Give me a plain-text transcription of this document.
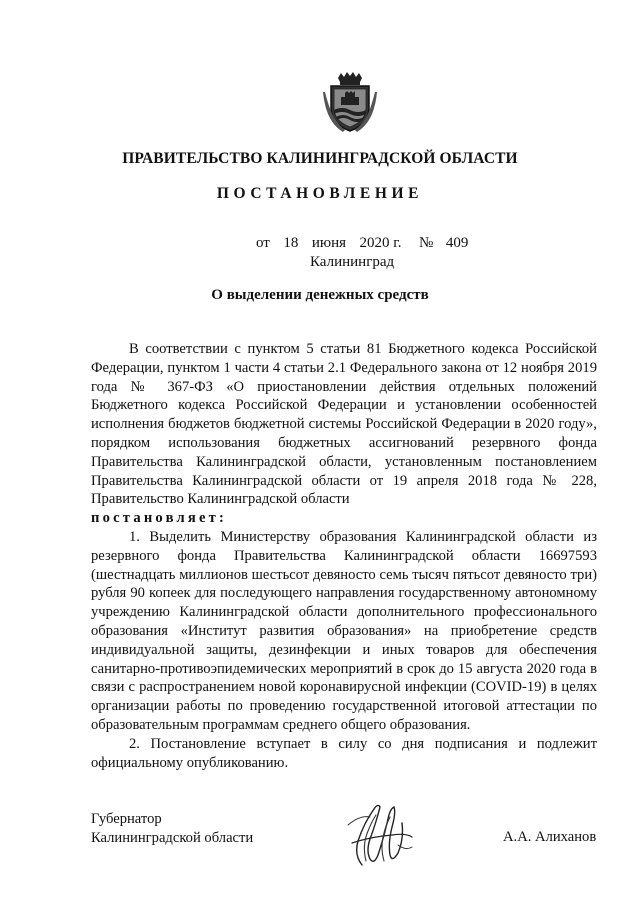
ПРАВИТЕЛЬСТВО КАЛИНИНГРАДСКОЙ ОБЛАСТИ
ПОСТАНОВЛЕНИЕ
от 18 июня 2020 г. № 409
Калининград
О выделении денежных средств

В соответствии с пунктом 5 статьи 81 Бюджетного кодекса Российской Федерации, пунктом 1 части 4 статьи 2.1 Федерального закона от 12 ноября 2019 года № 367-ФЗ «О приостановлении действия отдельных положений Бюджетного кодекса Российской Федерации и установлении особенностей исполнения бюджетов бюджетной системы Российской Федерации в 2020 году», порядком использования бюджетных ассигнований резервного фонда Правительства Калининградской области, установленным постановлением Правительства Калининградской области от 19 апреля 2018 года № 228, Правительство Калининградской области

постановляет:

1. Выделить Министерству образования Калининградской области из резервного фонда Правительства Калининградской области 16697593 (шестнадцать миллионов шестьсот девяносто семь тысяч пятьсот девяносто три) рубля 90 копеек для последующего направления государственному автономному учреждению Калининградской области дополнительного профессионального образования «Институт развития образования» на приобретение средств индивидуальной защиты, дезинфекции и иных товаров для обеспечения санитарно-противоэпидемических мероприятий в срок до 15 августа 2020 года в связи с распространением новой коронавирусной инфекции (COVID-19) в целях организации работы по проведению государственной итоговой аттестации по образовательным программам среднего общего образования.

2. Постановление вступает в силу со дня подписания и подлежит официальному опубликованию.

Губернатор
Калининградской области	А.А. Алиханов
